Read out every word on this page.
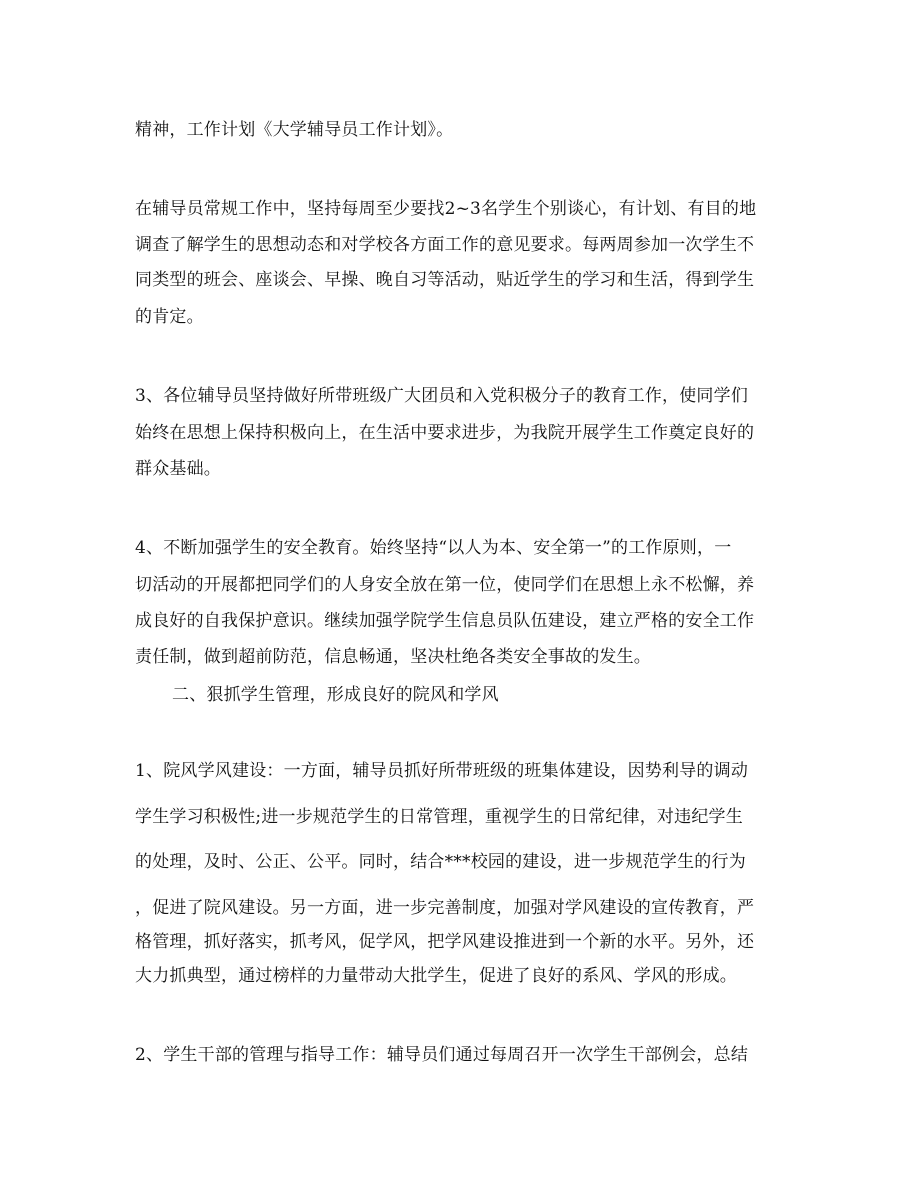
精神，工作计划《大学辅导员工作计划》。
在辅导员常规工作中，坚持每周至少要找2~3名学生个别谈心，有计划、有目的地
调查了解学生的思想动态和对学校各方面工作的意见要求。每两周参加一次学生不
同类型的班会、座谈会、早操、晚自习等活动，贴近学生的学习和生活，得到学生
的肯定。
3、各位辅导员坚持做好所带班级广大团员和入党积极分子的教育工作，使同学们
始终在思想上保持积极向上，在生活中要求进步，为我院开展学生工作奠定良好的
群众基础。
4、不断加强学生的安全教育。始终坚持“以人为本、安全第一”的工作原则，一
切活动的开展都把同学们的人身安全放在第一位，使同学们在思想上永不松懈，养
成良好的自我保护意识。继续加强学院学生信息员队伍建设，建立严格的安全工作
责任制，做到超前防范，信息畅通，坚决杜绝各类安全事故的发生。
二、狠抓学生管理，形成良好的院风和学风
1、院风学风建设：一方面，辅导员抓好所带班级的班集体建设，因势利导的调动
学生学习积极性;进一步规范学生的日常管理，重视学生的日常纪律，对违纪学生
的处理，及时、公正、公平。同时，结合***校园的建设，进一步规范学生的行为
，促进了院风建设。另一方面，进一步完善制度，加强对学风建设的宣传教育，严
格管理，抓好落实，抓考风，促学风，把学风建设推进到一个新的水平。另外，还
大力抓典型，通过榜样的力量带动大批学生，促进了良好的系风、学风的形成。
2、学生干部的管理与指导工作：辅导员们通过每周召开一次学生干部例会，总结
